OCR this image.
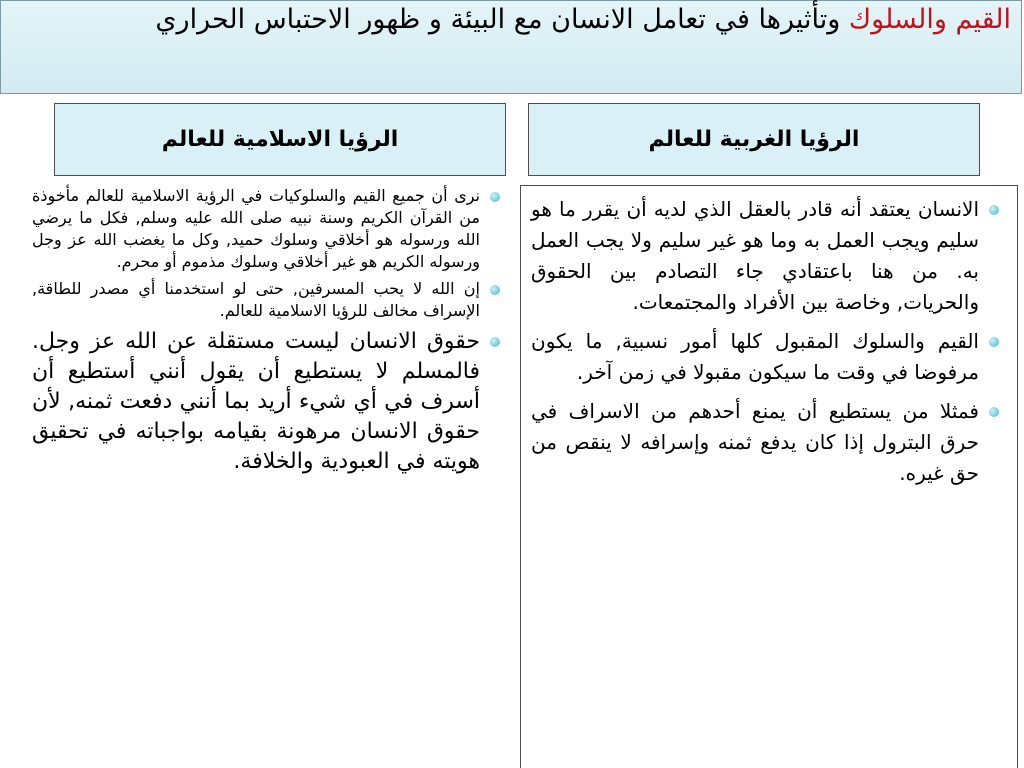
القيم والسلوك وتأثيرها في تعامل الانسان مع البيئة و ظهور الاحتباس الحراري
الرؤيا الغربية للعالم
الرؤيا الاسلامية للعالم
الانسان يعتقد أنه قادر بالعقل الذي لديه أن يقرر ما هو سليم ويجب العمل به وما هو غير سليم ولا يجب العمل به. من هنا باعتقادي جاء التصادم بين الحقوق والحريات, وخاصة بين الأفراد والمجتمعات.
القيم والسلوك المقبول كلها أمور نسبية, ما يكون مرفوضا في وقت ما سيكون مقبولا في زمن آخر.
فمثلا من يستطيع أن يمنع أحدهم من الاسراف في حرق البترول إذا كان يدفع ثمنه وإسرافه لا ينقص من حق غيره.
نرى أن جميع القيم والسلوكيات في الرؤية الاسلامية للعالم مأخوذة من القرآن الكريم وسنة نبيه صلى الله عليه وسلم, فكل ما يرضي الله ورسوله هو أخلاقي وسلوك حميد, وكل ما يغضب الله عز وجل ورسوله الكريم هو غير أخلاقي وسلوك مذموم أو محرم.
إن الله لا يحب المسرفين, حتى لو استخدمنا أي مصدر للطاقة, الإسراف مخالف للرؤيا الاسلامية للعالم.
حقوق الانسان ليست مستقلة عن الله عز وجل. فالمسلم لا يستطيع أن يقول أنني أستطيع أن أسرف في أي شيء أريد بما أنني دفعت ثمنه, لأن حقوق الانسان مرهونة بقيامه بواجباته في تحقيق هويته في العبودية والخلافة.
